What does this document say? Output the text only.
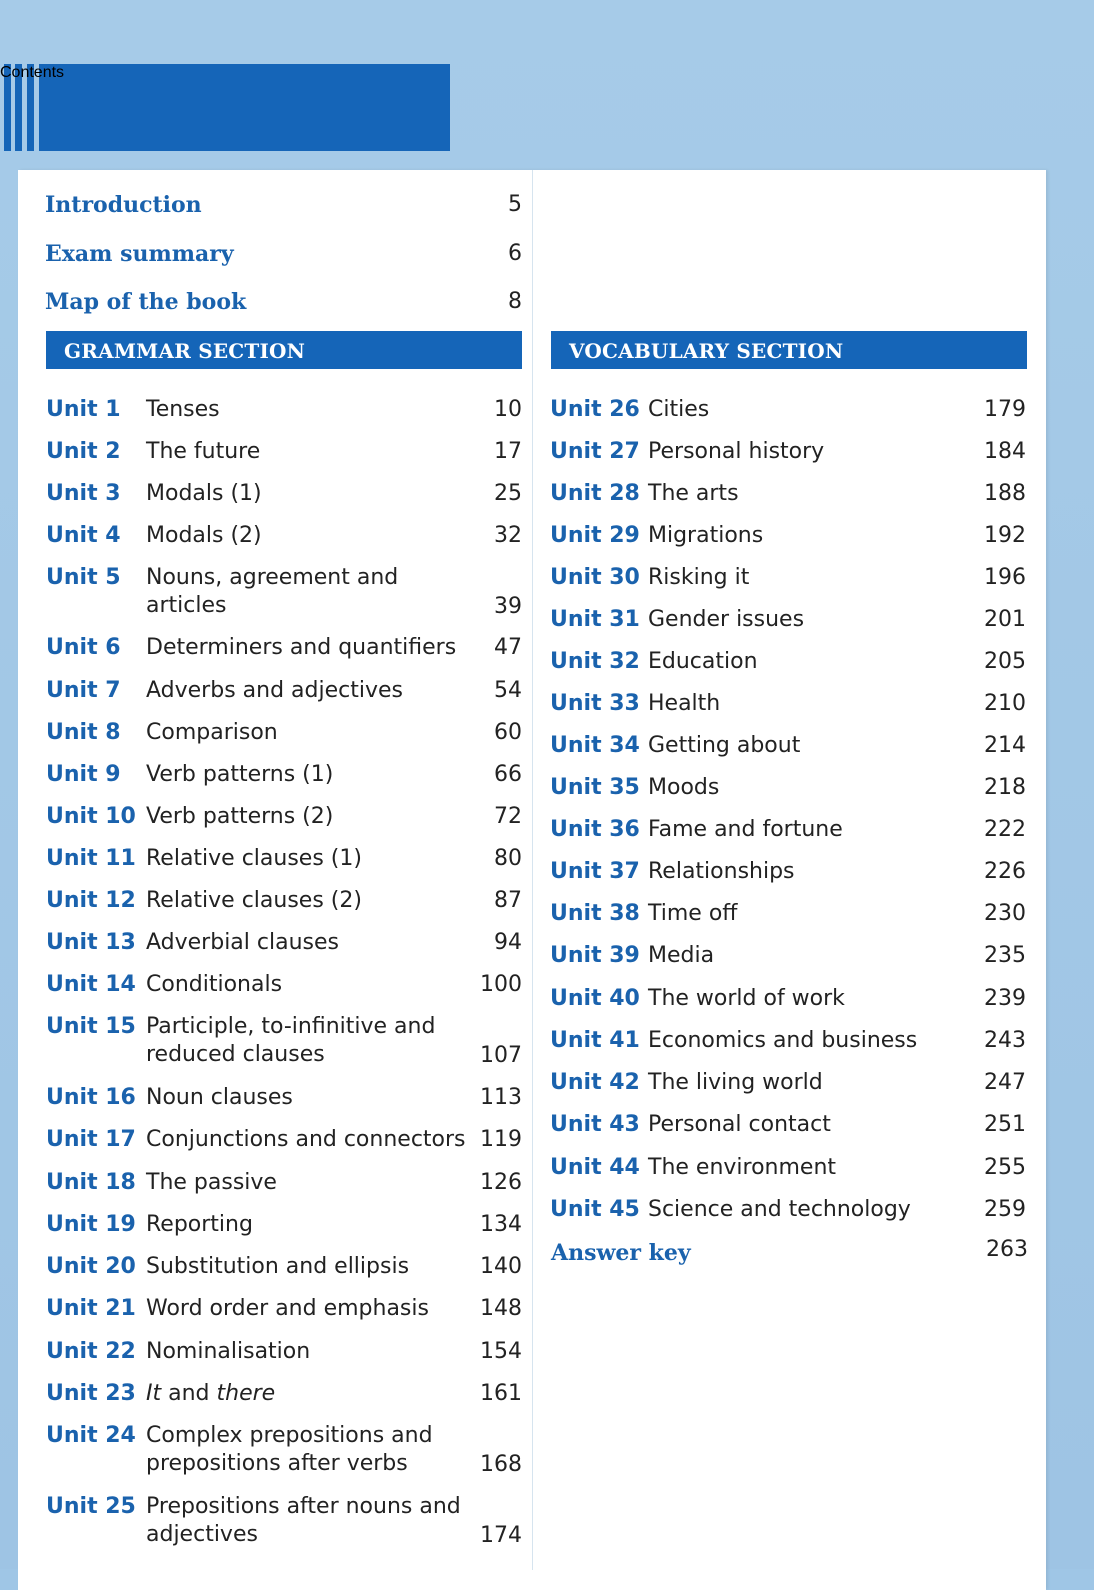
Contents
Introduction	5
Exam summary	6
Map of the book	8
GRAMMAR SECTION	VOCABULARY SECTION
Unit 1 Tenses	10
Unit 2 The future	17
Unit 3 Modals (1)	25
Unit 4 Modals (2)	32
Unit 5 Nouns, agreement and
articles	39
Unit 6 Determiners and quantifiers 47
Unit 7 Adverbs and adjectives	54
Unit 8 Comparison	60
Unit 9 Verb patterns (1)	66
Unit 10 Verb patterns (2)	72
Unit 11 Relative clauses (1)	80
Unit 12 Relative clauses (2)	87
Unit 13 Adverbial clauses	94
Unit 14 Conditionals	100
Unit 15 Participle, to-infinitive and
reduced clauses	107
Unit 16 Noun clauses	113
Unit 17 Conjunctions and connectors 119
Unit 18 The passive	126
Unit 19 Reporting	134
Unit 20 Substitution and ellipsis	140
Unit 21 Word order and emphasis 148
Unit 22 Nominalisation	154
Unit 23 It and there	161
Unit 24 Complex prepositions and
prepositions after verbs	168
Unit 25 Prepositions after nouns and
adjectives	174
Unit 26 Cities	179
Unit 27 Personal history	184
Unit 28 The arts	188
Unit 29 Migrations	192
Unit 30 Risking it	196
Unit 31 Gender issues	201
Unit 32 Education	205
Unit 33 Health	210
Unit 34 Getting about	214
Unit 35 Moods	218
Unit 36 Fame and fortune	222
Unit 37 Relationships	226
Unit 38 Time off	230
Unit 39 Media	235
Unit 40 The world of work	239
Unit 41 Economics and business	243
Unit 42 The living world	247
Unit 43 Personal contact	251
Unit 44 The environment	255
Unit 45 Science and technology	259
Answer key	263
